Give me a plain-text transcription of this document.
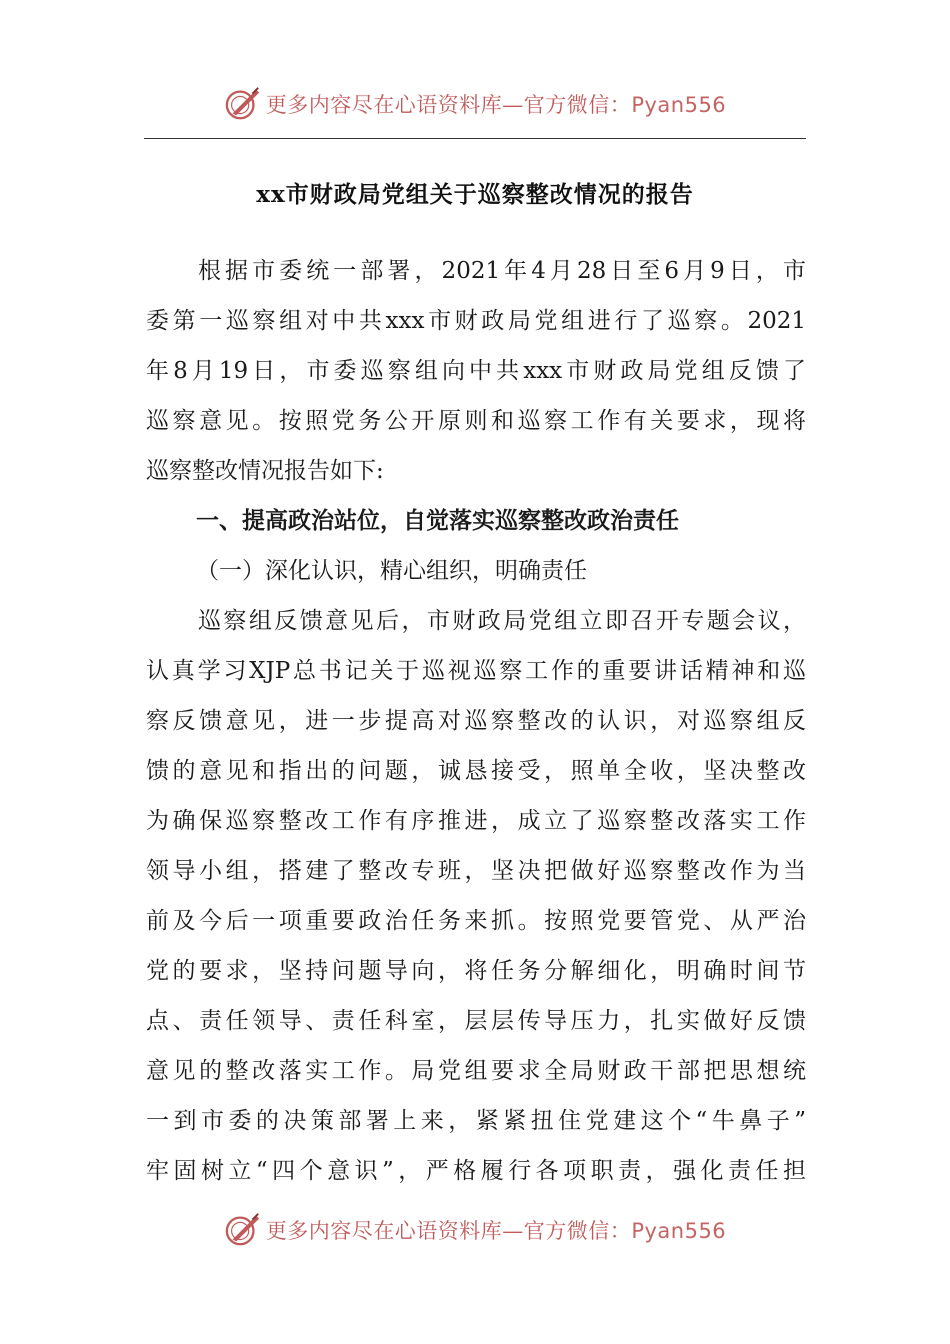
更多内容尽在心语资料库—官方微信：Pyan556
xx市财政局党组关于巡察整改情况的报告
根据市委统一部署，2021年4月28日至6月9日，市
委第一巡察组对中共xxx市财政局党组进行了巡察。2021
年8月19日，市委巡察组向中共xxx市财政局党组反馈了
巡察意见。按照党务公开原则和巡察工作有关要求，现将
巡察整改情况报告如下:
一、提高政治站位，自觉落实巡察整改政治责任
（一）深化认识，精心组织，明确责任
巡察组反馈意见后，市财政局党组立即召开专题会议，
认真学习XJP总书记关于巡视巡察工作的重要讲话精神和巡
察反馈意见，进一步提高对巡察整改的认识，对巡察组反
馈的意见和指出的问题，诚恳接受，照单全收，坚决整改
为确保巡察整改工作有序推进，成立了巡察整改落实工作
领导小组，搭建了整改专班，坚决把做好巡察整改作为当
前及今后一项重要政治任务来抓。按照党要管党、从严治
党的要求，坚持问题导向，将任务分解细化，明确时间节
点、责任领导、责任科室，层层传导压力，扎实做好反馈
意见的整改落实工作。局党组要求全局财政干部把思想统
一到市委的决策部署上来，紧紧扭住党建这个“牛鼻子”
牢固树立“四个意识”，严格履行各项职责，强化责任担
更多内容尽在心语资料库—官方微信：Pyan556
